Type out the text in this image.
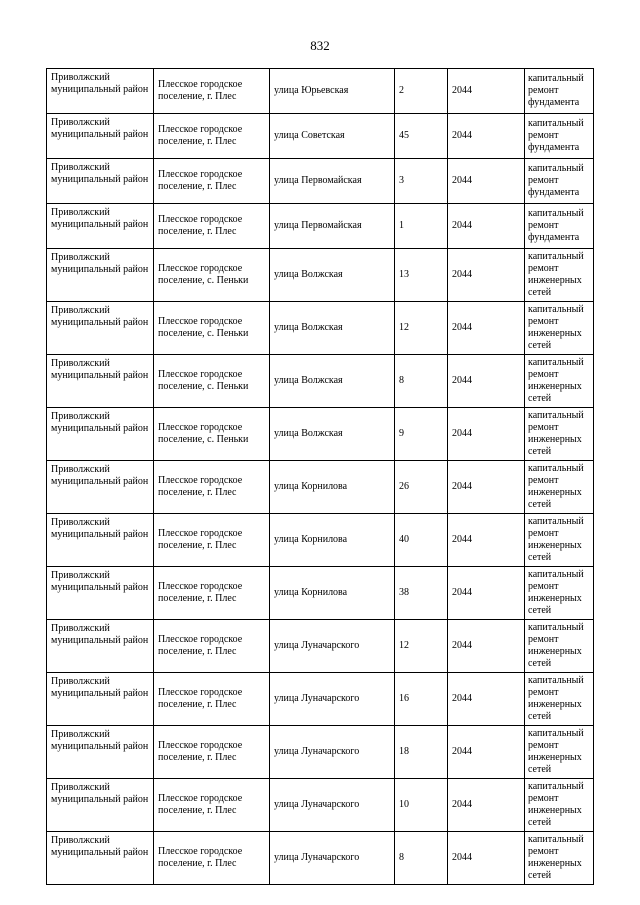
832
Приволжский муниципальный район	Плесское городское поселение, г. Плес	улица Юрьевская	2	2044	капитальный ремонт фундамента
Приволжский муниципальный район	Плесское городское поселение, г. Плес	улица Советская	45	2044	капитальный ремонт фундамента
Приволжский муниципальный район	Плесское городское поселение, г. Плес	улица Первомайская	3	2044	капитальный ремонт фундамента
Приволжский муниципальный район	Плесское городское поселение, г. Плес	улица Первомайская	1	2044	капитальный ремонт фундамента
Приволжский муниципальный район	Плесское городское поселение, с. Пеньки	улица Волжская	13	2044	капитальный ремонт инженерных сетей
Приволжский муниципальный район	Плесское городское поселение, с. Пеньки	улица Волжская	12	2044	капитальный ремонт инженерных сетей
Приволжский муниципальный район	Плесское городское поселение, с. Пеньки	улица Волжская	8	2044	капитальный ремонт инженерных сетей
Приволжский муниципальный район	Плесское городское поселение, с. Пеньки	улица Волжская	9	2044	капитальный ремонт инженерных сетей
Приволжский муниципальный район	Плесское городское поселение, г. Плес	улица Корнилова	26	2044	капитальный ремонт инженерных сетей
Приволжский муниципальный район	Плесское городское поселение, г. Плес	улица Корнилова	40	2044	капитальный ремонт инженерных сетей
Приволжский муниципальный район	Плесское городское поселение, г. Плес	улица Корнилова	38	2044	капитальный ремонт инженерных сетей
Приволжский муниципальный район	Плесское городское поселение, г. Плес	улица Луначарского	12	2044	капитальный ремонт инженерных сетей
Приволжский муниципальный район	Плесское городское поселение, г. Плес	улица Луначарского	16	2044	капитальный ремонт инженерных сетей
Приволжский муниципальный район	Плесское городское поселение, г. Плес	улица Луначарского	18	2044	капитальный ремонт инженерных сетей
Приволжский муниципальный район	Плесское городское поселение, г. Плес	улица Луначарского	10	2044	капитальный ремонт инженерных сетей
Приволжский муниципальный район	Плесское городское поселение, г. Плес	улица Луначарского	8	2044	капитальный ремонт инженерных сетей
